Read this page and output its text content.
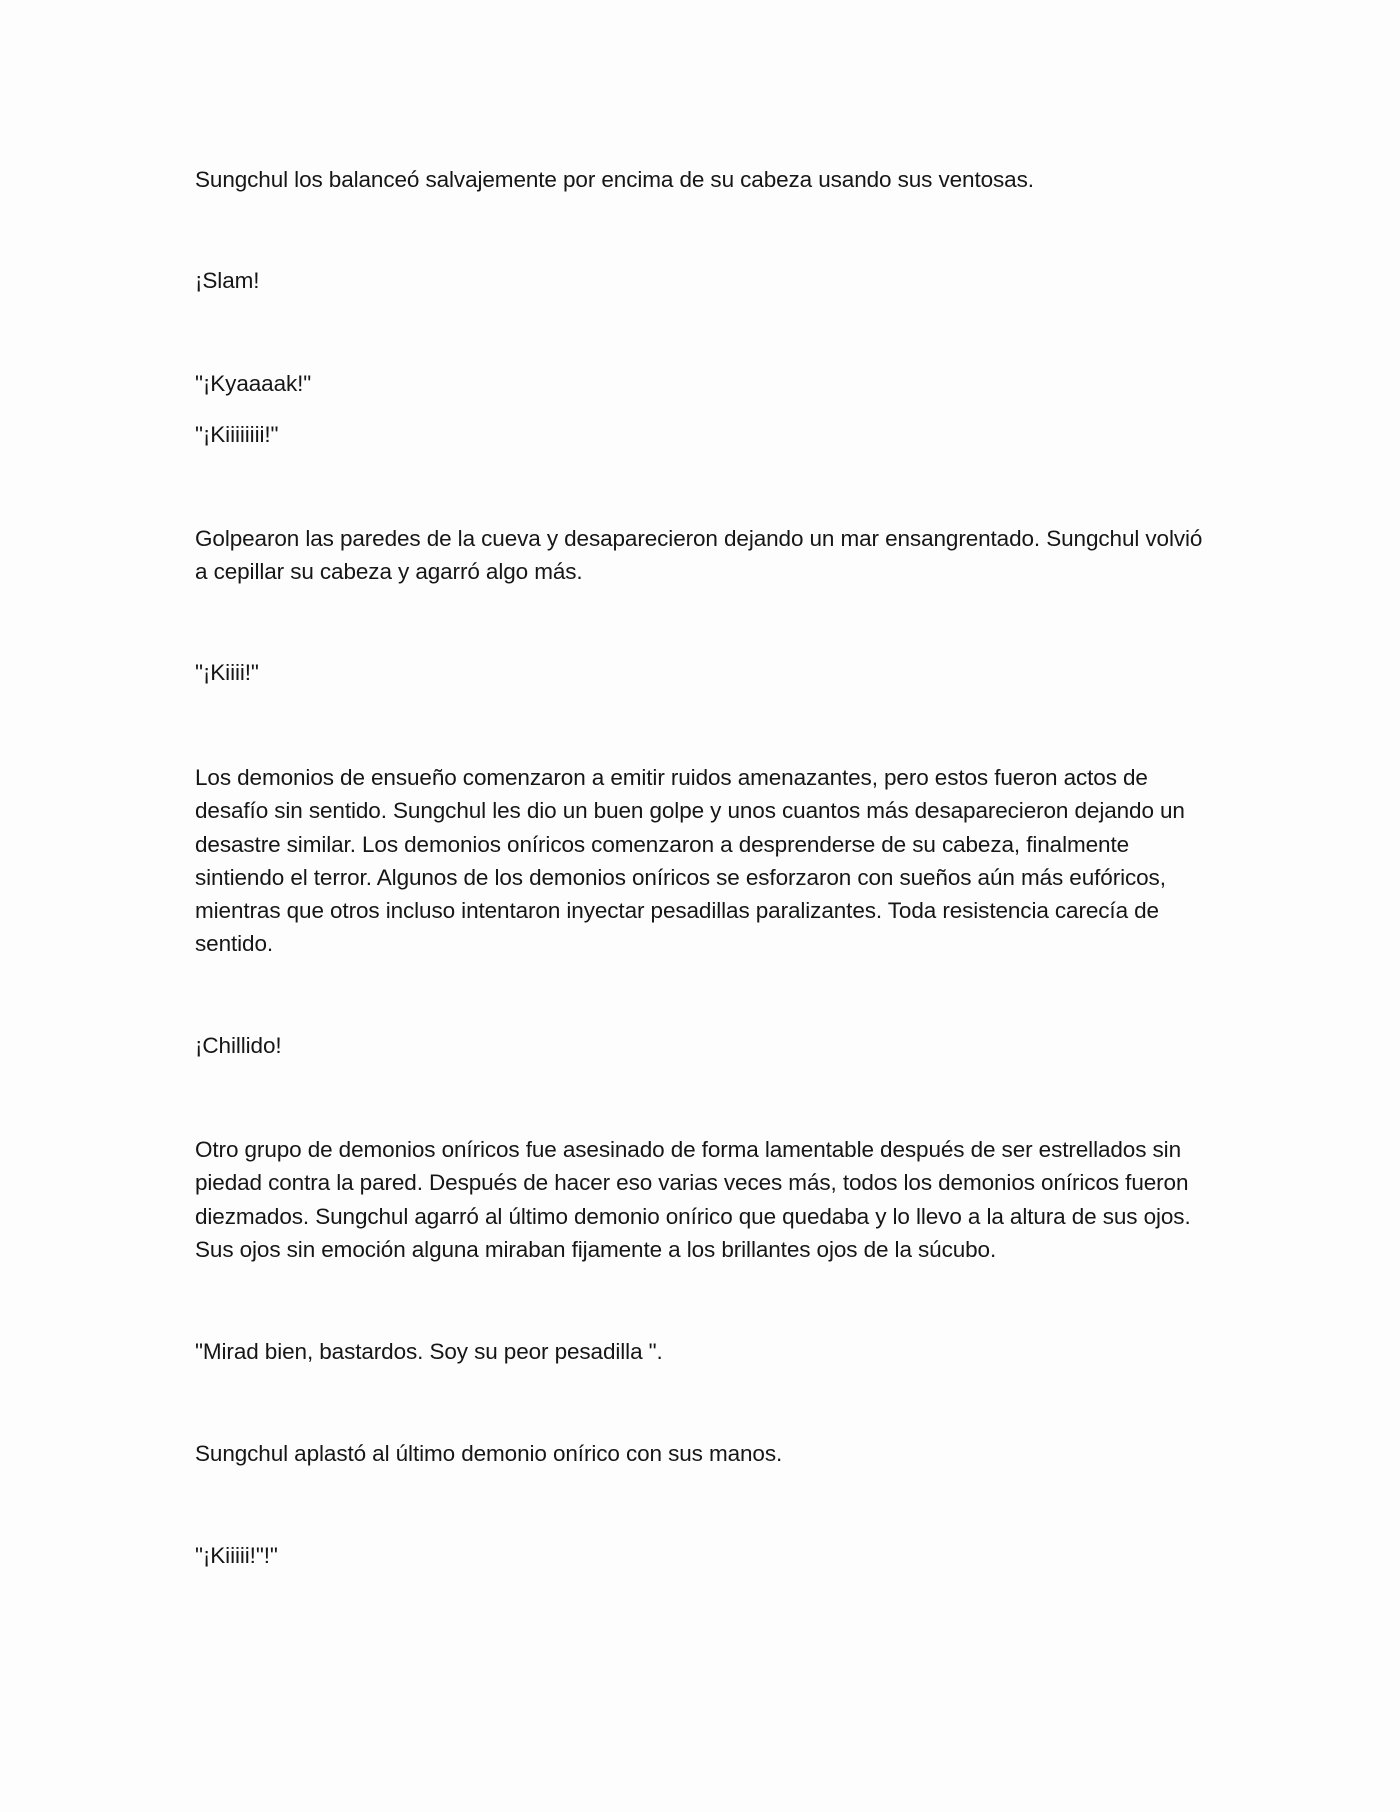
Sungchul los balanceó salvajemente por encima de su cabeza usando sus ventosas.

¡Slam!

"¡Kyaaaak!"

"¡Kiiiiiiii!"

Golpearon las paredes de la cueva y desaparecieron dejando un mar ensangrentado. Sungchul volvió a cepillar su cabeza y agarró algo más.

"¡Kiiii!"

Los demonios de ensueño comenzaron a emitir ruidos amenazantes, pero estos fueron actos de desafío sin sentido. Sungchul les dio un buen golpe y unos cuantos más desaparecieron dejando un desastre similar. Los demonios oníricos comenzaron a desprenderse de su cabeza, finalmente sintiendo el terror. Algunos de los demonios oníricos se esforzaron con sueños aún más eufóricos, mientras que otros incluso intentaron inyectar pesadillas paralizantes. Toda resistencia carecía de sentido.

¡Chillido!

Otro grupo de demonios oníricos fue asesinado de forma lamentable después de ser estrellados sin piedad contra la pared. Después de hacer eso varias veces más, todos los demonios oníricos fueron diezmados. Sungchul agarró al último demonio onírico que quedaba y lo llevo a la altura de sus ojos. Sus ojos sin emoción alguna miraban fijamente a los brillantes ojos de la súcubo.

"Mirad bien, bastardos. Soy su peor pesadilla ".

Sungchul aplastó al último demonio onírico con sus manos.

"¡Kiiiii!"!"
